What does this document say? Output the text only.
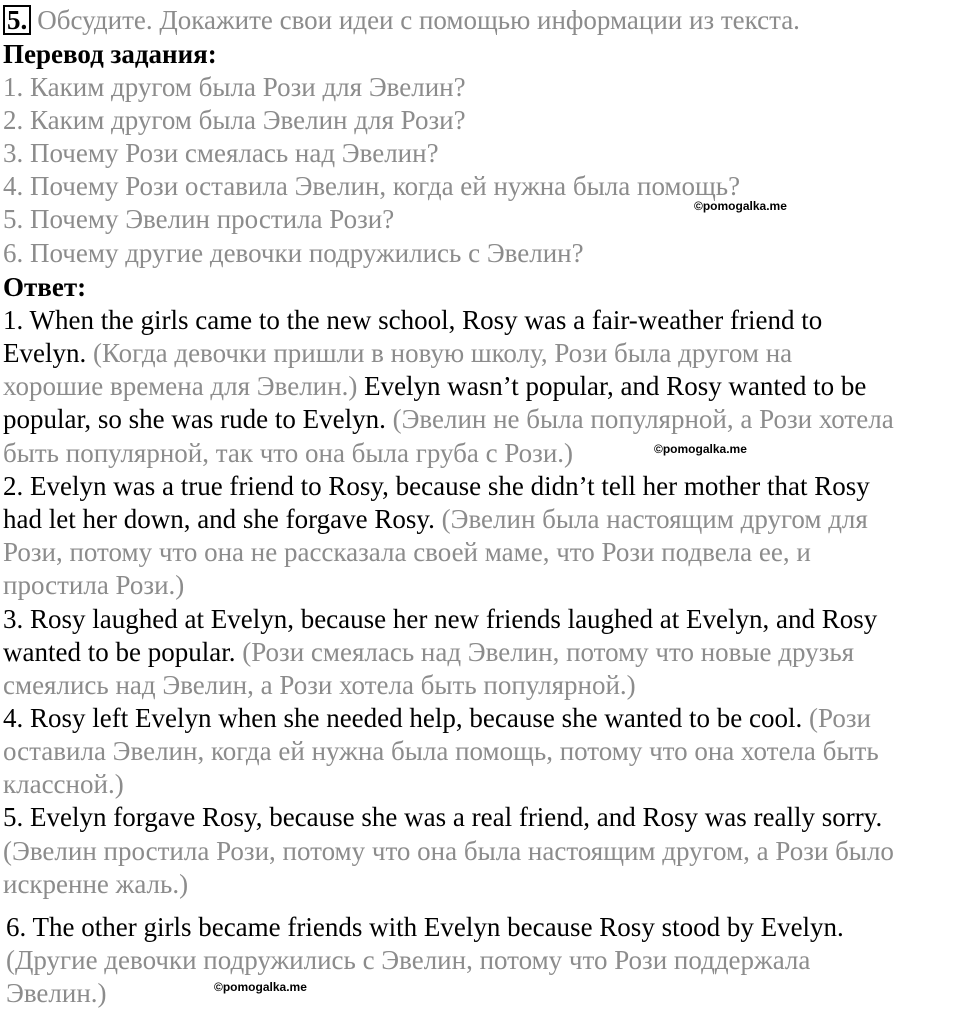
5. Обсудите. Докажите свои идеи с помощью информации из текста.
Перевод задания:
1. Каким другом была Рози для Эвелин?
2. Каким другом была Эвелин для Рози?
3. Почему Рози смеялась над Эвелин?
4. Почему Рози оставила Эвелин, когда ей нужна была помощь?
5. Почему Эвелин простила Рози?
6. Почему другие девочки подружились с Эвелин?
Ответ:
1. When the girls came to the new school, Rosy was a fair-weather friend to
Evelyn. (Когда девочки пришли в новую школу, Рози была другом на
хорошие времена для Эвелин.) Evelyn wasn’t popular, and Rosy wanted to be
popular, so she was rude to Evelyn. (Эвелин не была популярной, а Рози хотела
быть популярной, так что она была груба с Рози.)
2. Evelyn was a true friend to Rosy, because she didn’t tell her mother that Rosy
had let her down, and she forgave Rosy. (Эвелин была настоящим другом для
Рози, потому что она не рассказала своей маме, что Рози подвела ее, и
простила Рози.)
3. Rosy laughed at Evelyn, because her new friends laughed at Evelyn, and Rosy
wanted to be popular. (Рози смеялась над Эвелин, потому что новые друзья
смеялись над Эвелин, а Рози хотела быть популярной.)
4. Rosy left Evelyn when she needed help, because she wanted to be cool. (Рози
оставила Эвелин, когда ей нужна была помощь, потому что она хотела быть
классной.)
5. Evelyn forgave Rosy, because she was a real friend, and Rosy was really sorry.
(Эвелин простила Рози, потому что она была настоящим другом, а Рози было
искренне жаль.)
6. The other girls became friends with Evelyn because Rosy stood by Evelyn.
(Другие девочки подружились с Эвелин, потому что Рози поддержала
Эвелин.)
©pomogalka.me
©pomogalka.me
©pomogalka.me
